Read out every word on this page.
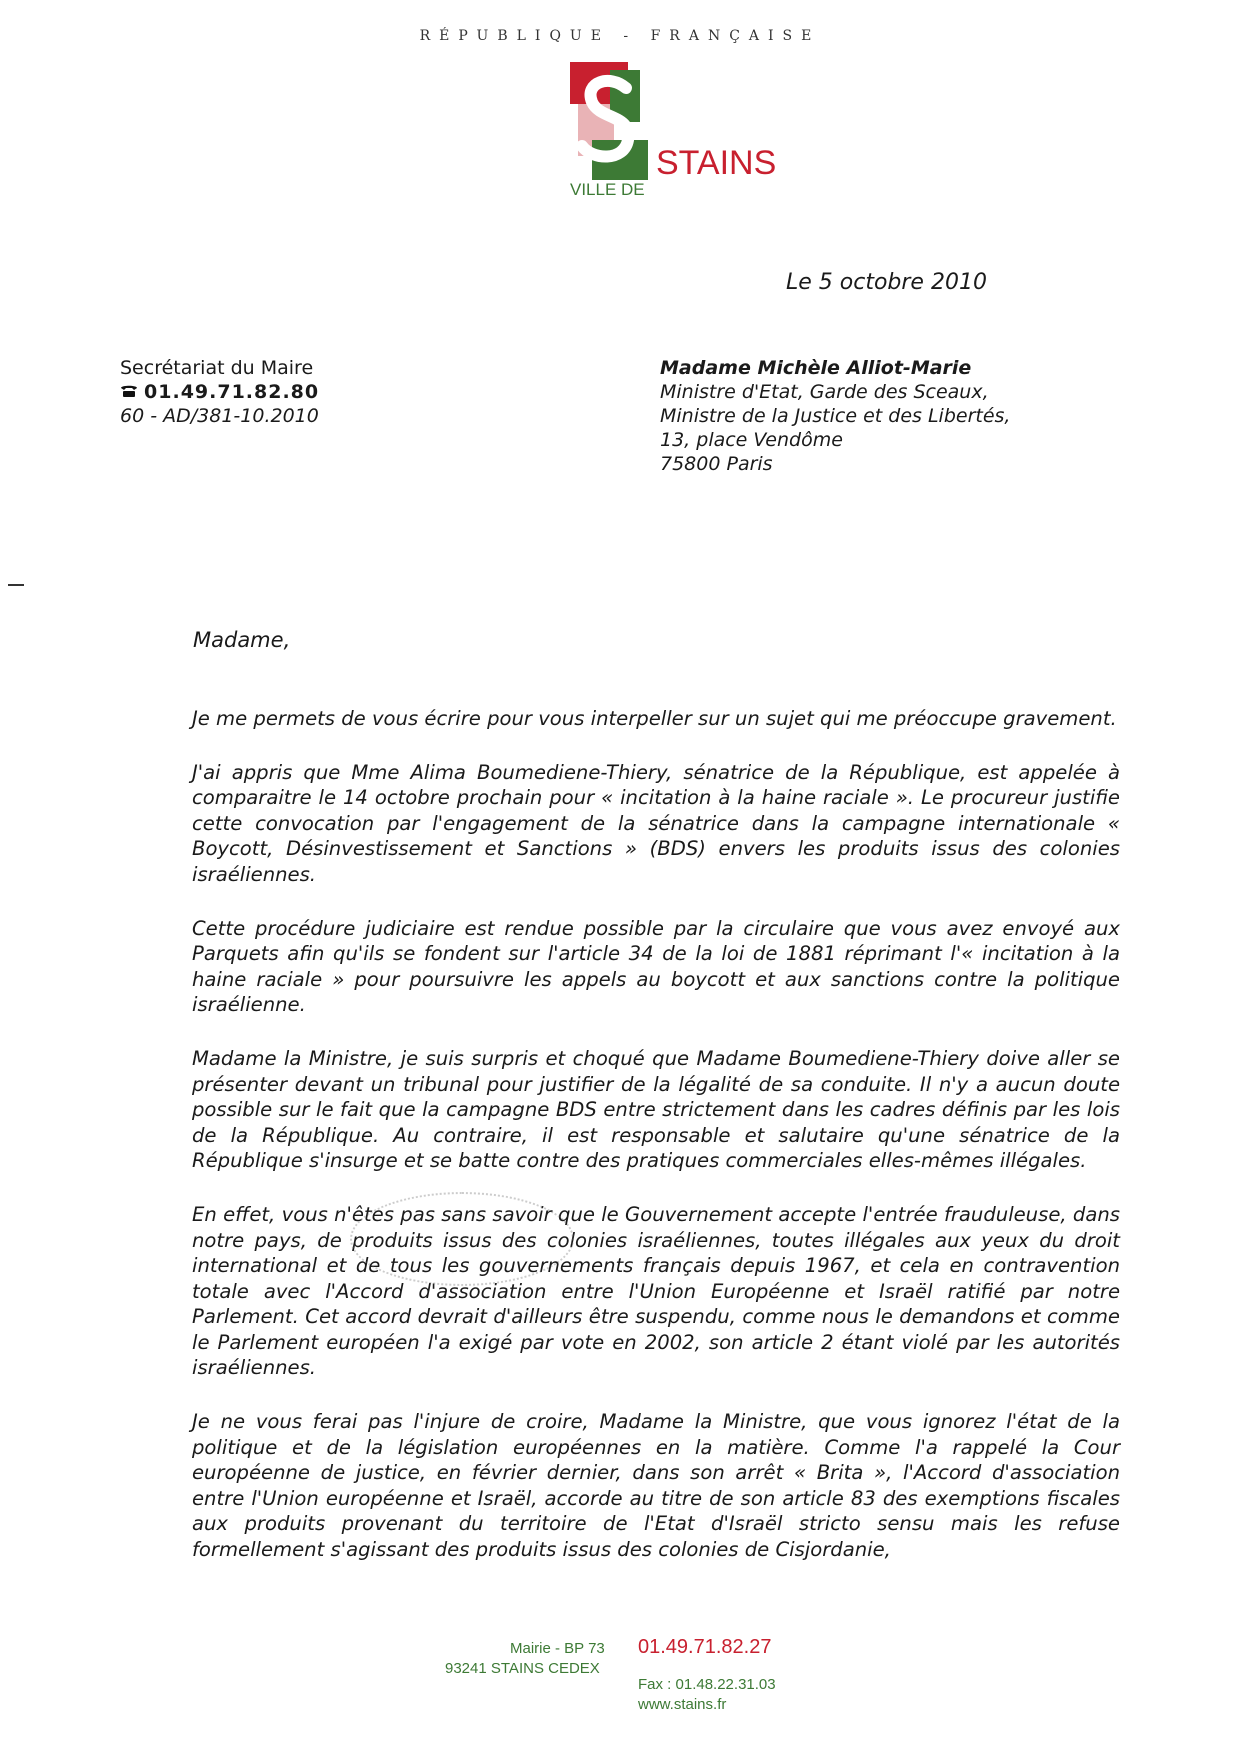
RÉPUBLIQUE - FRANÇAISE
STAINS
VILLE DE
Le 5 octobre 2010
Secrétariat du Maire
01.49.71.82.80
60 - AD/381-10.2010
Madame Michèle Alliot-Marie
Ministre d'Etat, Garde des Sceaux,
Ministre de la Justice et des Libertés,
13, place Vendôme
75800 Paris
Madame,

Je me permets de vous écrire pour vous interpeller sur un sujet qui me préoccupe gravement.

J'ai appris que Mme Alima Boumediene-Thiery, sénatrice de la République, est appelée à comparaitre le 14 octobre prochain pour « incitation à la haine raciale ». Le procureur justifie cette convocation par l'engagement de la sénatrice dans la campagne internationale « Boycott, Désinvestissement et Sanctions » (BDS) envers les produits issus des colonies israéliennes.

Cette procédure judiciaire est rendue possible par la circulaire que vous avez envoyé aux Parquets afin qu'ils se fondent sur l'article 34 de la loi de 1881 réprimant l'« incitation à la haine raciale » pour poursuivre les appels au boycott et aux sanctions contre la politique israélienne.

Madame la Ministre, je suis surpris et choqué que Madame Boumediene-Thiery doive aller se présenter devant un tribunal pour justifier de la légalité de sa conduite. Il n'y a aucun doute possible sur le fait que la campagne BDS entre strictement dans les cadres définis par les lois de la République. Au contraire, il est responsable et salutaire qu'une sénatrice de la République s'insurge et se batte contre des pratiques commerciales elles-mêmes illégales.

En effet, vous n'êtes pas sans savoir que le Gouvernement accepte l'entrée frauduleuse, dans notre pays, de produits issus des colonies israéliennes, toutes illégales aux yeux du droit international et de tous les gouvernements français depuis 1967, et cela en contravention totale avec l'Accord d'association entre l'Union Européenne et Israël ratifié par notre Parlement. Cet accord devrait d'ailleurs être suspendu, comme nous le demandons et comme le Parlement européen l'a exigé par vote en 2002, son article 2 étant violé par les autorités israéliennes.

Je ne vous ferai pas l'injure de croire, Madame la Ministre, que vous ignorez l'état de la politique et de la législation européennes en la matière. Comme l'a rappelé la Cour européenne de justice, en février dernier, dans son arrêt « Brita », l'Accord d'association entre l'Union européenne et Israël, accorde au titre de son article 83 des exemptions fiscales aux produits provenant du territoire de l'Etat d'Israël stricto sensu mais les refuse formellement s'agissant des produits issus des colonies de Cisjordanie,

Mairie - BP 73
93241 STAINS CEDEX
01.49.71.82.27
Fax : 01.48.22.31.03
www.stains.fr
